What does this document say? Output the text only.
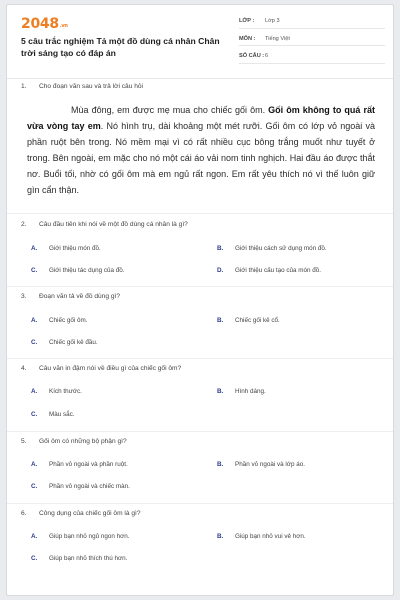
$2048^{.vn}$
5 câu trắc nghiệm Tả một đồ dùng cá nhân Chân trời sáng tạo có đáp án
LỚP :	Lớp 3
MÔN :	Tiếng Việt
SỐ CÂU : 6
1.	Cho đoạn văn sau và trả lời câu hỏi
Mùa đông, em được mẹ mua cho chiếc gối ôm. Gối ôm không to quá rất vừa vòng tay em. Nó hình trụ, dài khoảng một mét rưỡi. Gối ôm có lớp vỏ ngoài và phần ruột bên trong. Nó mềm mại vì có rất nhiều cục bông trắng muốt như tuyết ở trong. Bên ngoài, em mặc cho nó một cái áo vải nom tinh nghịch. Hai đầu áo được thắt nơ. Buổi tối, nhờ có gối ôm mà em ngủ rất ngon. Em rất yêu thích nó vì thế luôn giữ gìn cẩn thận.
2.	Câu đầu tiên khi nói về một đồ dùng cá nhân là gì?
A.	Giới thiệu món đồ.	B.	Giới thiệu cách sử dụng món đồ.
C.	Giới thiệu tác dụng của đồ.	D.	Giới thiệu cấu tạo của món đồ.
3.	Đoạn văn tả về đồ dùng gì?
A.	Chiếc gối ôm.	B.	Chiếc gối kê cổ.
C.	Chiếc gối kê đầu.
4.	Câu văn in đậm nói về điều gì của chiếc gối ôm?
A.	Kích thước.	B.	Hình dáng.
C.	Màu sắc.
5.	Gối ôm có những bộ phận gì?
A.	Phần vỏ ngoài và phần ruột.	B.	Phần vỏ ngoài và lớp áo.
C.	Phần vỏ ngoài và chiếc màn.
6.	Công dụng của chiếc gối ôm là gì?
A.	Giúp bạn nhỏ ngủ ngon hơn.	B.	Giúp bạn nhỏ vui vẻ hơn.
C.	Giúp bạn nhỏ thích thú hơn.
